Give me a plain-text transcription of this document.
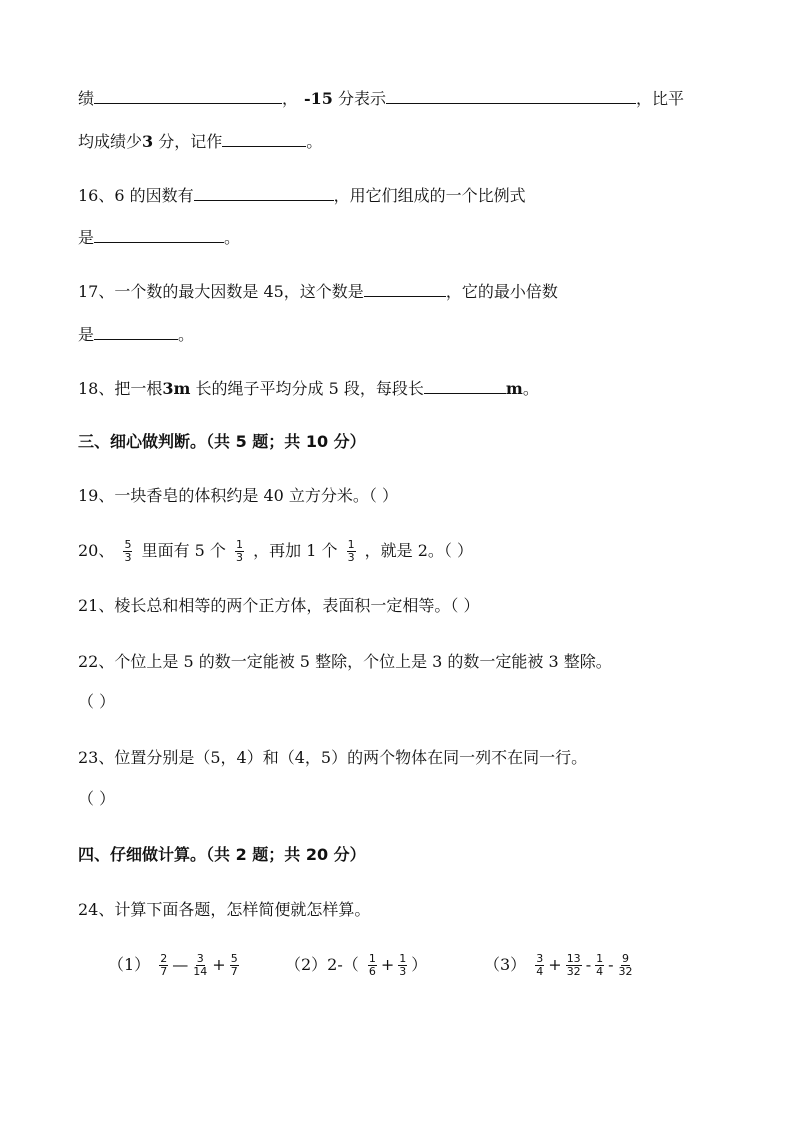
绩	， -15 分表示	，比平
均成绩少3 分，记作	。
16、6 的因数有	，用它们组成的一个比例式
是	。
17、一个数的最大因数是 45，这个数是	，它的最小倍数
是	。
18、把一根3m 长的绳子平均分成 5 段，每段长	m。
三、细心做判断。（共 5 题；共 10 分）
19、一块香皂的体积约是 40 立方分米。（ ）
20、 $\frac{5}{3}$ 里面有 5 个 $\frac{1}{3}$ ，再加 1 个 $\frac{1}{3}$ ，就是 2。（ ）
21、棱长总和相等的两个正方体，表面积一定相等。（ ）
22、个位上是 5 的数一定能被 5 整除，个位上是 3 的数一定能被 3 整除。
（ ）
23、位置分别是（5，4）和（4，5）的两个物体在同一列不在同一行。
（ ）
四、仔细做计算。（共 2 题；共 20 分）
24、计算下面各题，怎样简便就怎样算。
$(1) \frac{2}{7}$ — $\frac{3}{14} + \frac{5}{7}$	$(2)2-( \frac{1}{6} + \frac{1}{3}$ ）	$(3) \frac{3}{4} + \frac{13}{32} - \frac{1}{4} - \frac{9}{32}$
